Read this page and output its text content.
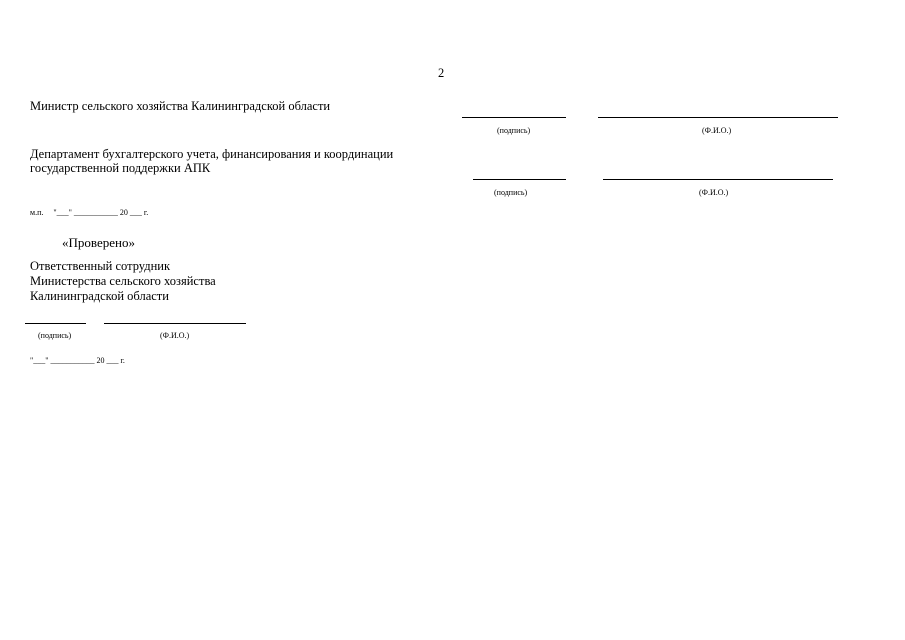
2
Министр сельского хозяйства Калининградской области
(подпись)	(Ф.И.О.)
Департамент бухгалтерского учета, финансирования и координации
государственной поддержки АПК
(подпись)	(Ф.И.О.)
м.п.     "___" ___________ 20 ___ г.
«Проверено»
Ответственный сотрудник
Министерства сельского хозяйства
Калининградской области
(подпись)	(Ф.И.О.)
"___" ___________ 20 ___ г.
